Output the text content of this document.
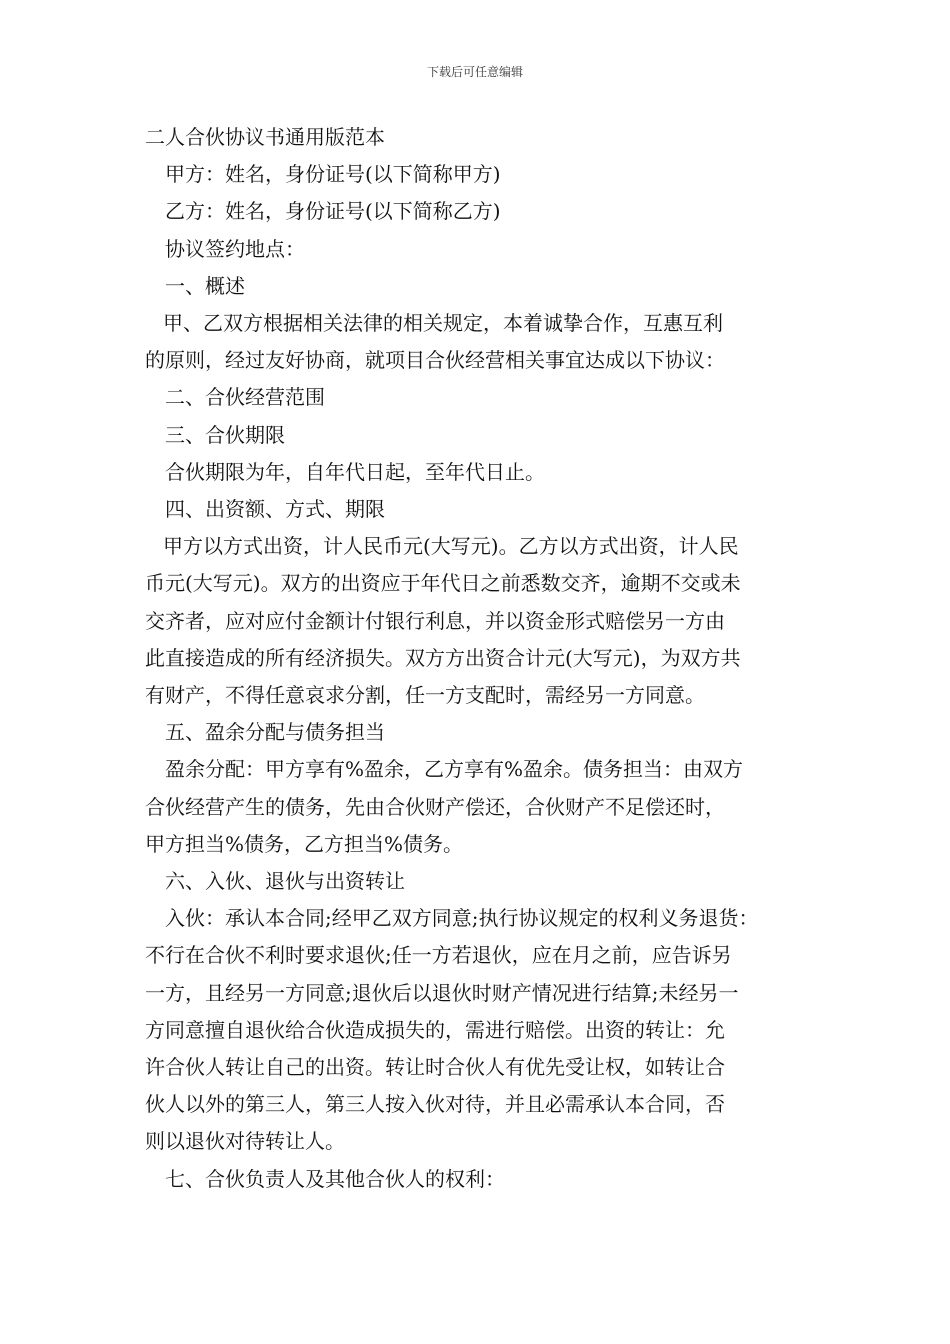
下载后可任意编辑

二人合伙协议书通用版范本

甲方：姓名，身份证号(以下简称甲方)

乙方：姓名，身份证号(以下简称乙方)

协议签约地点：

一、概述

甲、乙双方根据相关法律的相关规定，本着诚挚合作，互惠互利

的原则，经过友好协商，就项目合伙经营相关事宜达成以下协议：

二、合伙经营范围

三、合伙期限

合伙期限为年，自年代日起，至年代日止。

四、出资额、方式、期限

甲方以方式出资，计人民币元(大写元)。乙方以方式出资，计人民

币元(大写元)。双方的出资应于年代日之前悉数交齐，逾期不交或未

交齐者，应对应付金额计付银行利息，并以资金形式赔偿另一方由

此直接造成的所有经济损失。双方方出资合计元(大写元)，为双方共

有财产，不得任意哀求分割，任一方支配时，需经另一方同意。

五、盈余分配与债务担当

盈余分配：甲方享有%盈余，乙方享有%盈余。债务担当：由双方

合伙经营产生的债务，先由合伙财产偿还，合伙财产不足偿还时，

甲方担当%债务，乙方担当%债务。

六、入伙、退伙与出资转让

入伙：承认本合同;经甲乙双方同意;执行协议规定的权利义务退货：

不行在合伙不利时要求退伙;任一方若退伙，应在月之前，应告诉另

一方，且经另一方同意;退伙后以退伙时财产情况进行结算;未经另一

方同意擅自退伙给合伙造成损失的，需进行赔偿。出资的转让：允

许合伙人转让自己的出资。转让时合伙人有优先受让权，如转让合

伙人以外的第三人，第三人按入伙对待，并且必需承认本合同，否

则以退伙对待转让人。

七、合伙负责人及其他合伙人的权利：
